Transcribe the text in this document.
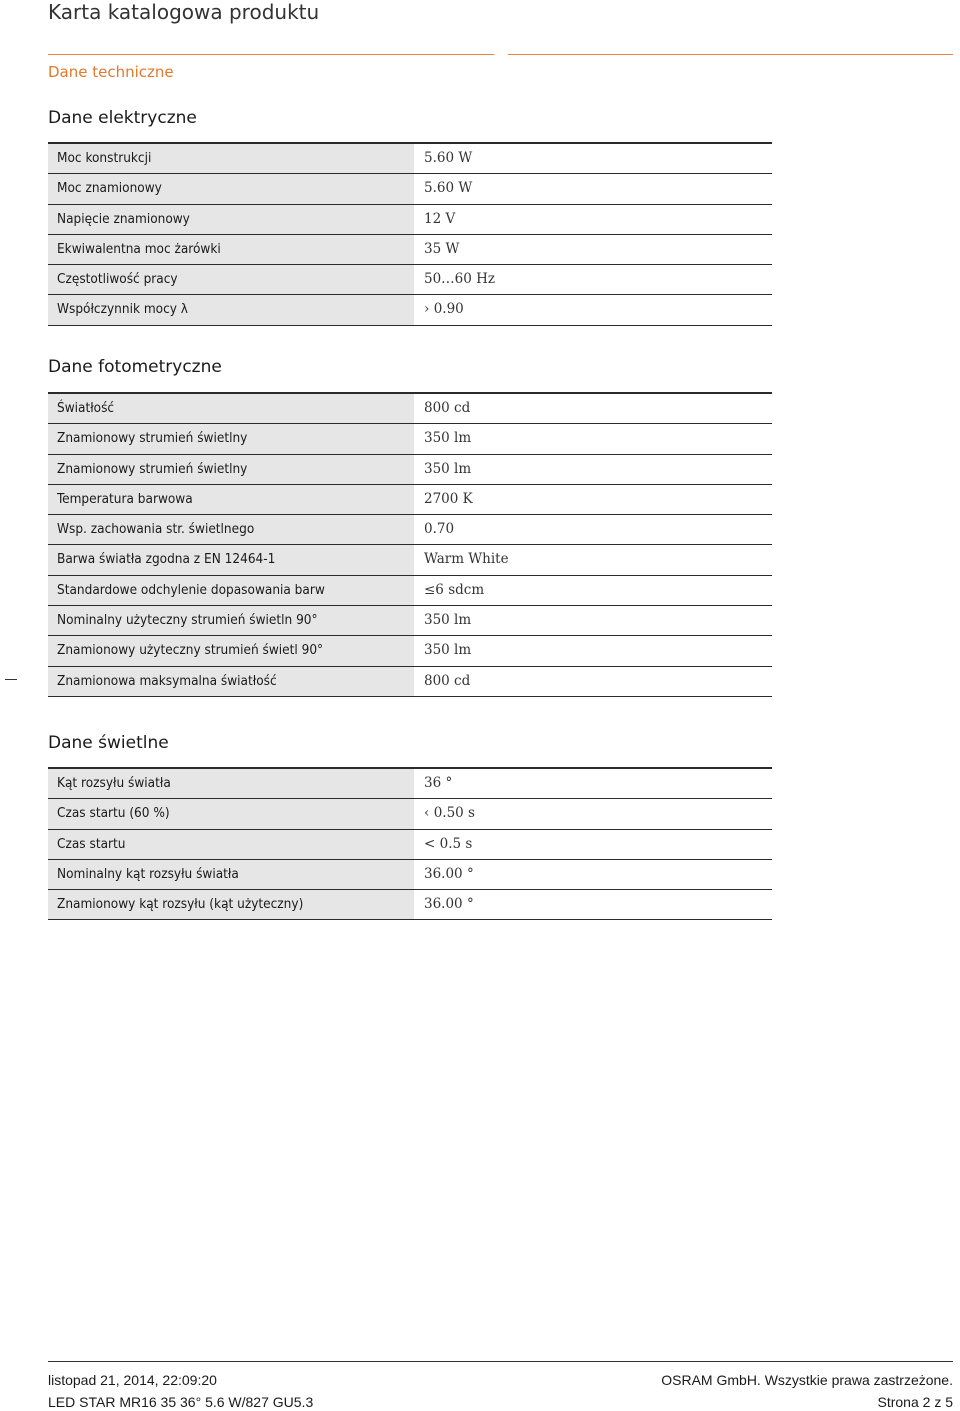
Karta katalogowa produktu
Dane techniczne
Dane elektryczne
Moc konstrukcji	5.60 W
Moc znamionowy	5.60 W
Napięcie znamionowy	12 V
Ekwiwalentna moc żarówki	35 W
Częstotliwość pracy	50…60 Hz
Współczynnik mocy λ	› 0.90
Dane fotometryczne
Światłość	800 cd
Znamionowy strumień świetlny	350 lm
Znamionowy strumień świetlny	350 lm
Temperatura barwowa	2700 K
Wsp. zachowania str. świetlnego	0.70
Barwa światła zgodna z EN 12464-1	Warm White
Standardowe odchylenie dopasowania barw	≤6 sdcm
Nominalny użyteczny strumień świetln 90°	350 lm
Znamionowy użyteczny strumień świetl 90°	350 lm
Znamionowa maksymalna światłość	800 cd
Dane świetlne
Kąt rozsyłu światła	36 °
Czas startu (60 %)	‹ 0.50 s
Czas startu	< 0.5 s
Nominalny kąt rozsyłu światła	36.00 °
Znamionowy kąt rozsyłu (kąt użyteczny)	36.00 °
listopad 21, 2014, 22:09:20
LED STAR MR16 35 36° 5.6 W/827 GU5.3
OSRAM GmbH. Wszystkie prawa zastrzeżone.
Strona 2 z 5
